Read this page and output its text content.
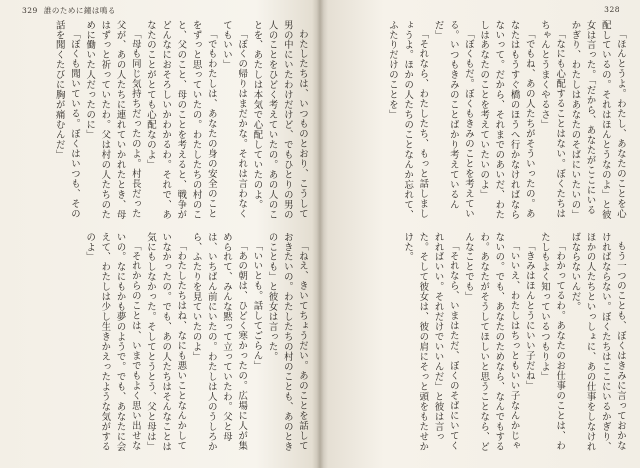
329 誰のために鐘は鳴る

わたしたちは、いつものとおり、こうして男の中にいたわけだけど、でもひとりの男の人のことをひどく考えていたの。あの人のことを、あたしは本気で心配していたのよ。

「ぼくの帰りはまだかな。それは言わなくてもいい」

「でもわたしは、あなたの身の安全のことをずっと思っていたの。わたしたちの村のこと、父のこと、母のことを考えると、戦争がどんなにおそろしいかわかるわ。それで、あなたのことがとても心配なのよ」

「母も同じ気持ちだったのよ。村長だった父が、あの人たちに連れていかれたとき、母はずっと祈っていたわ。父は村の人たちのために働いた人だったのに」

「ぼくも聞いている。ぼくはいつも、その話を聞くたびに胸が痛むんだ」

「ねえ、きいてちょうだい。あのことを話しておきたいの。わたしたちの村のことも、あのときのことも」と彼女は言った。

「いいとも。話してごらん」

「あの朝は、ひどく寒かったの。広場に人が集められて、みんな黙って立っていたわ。父と母は、いちばん前にいたの。わたしは人のうしろから、ふたりを見ていたのよ」

「わたしたちはね、なにも悪いことなんかしていなかったの。でも、あの人たちはそんなことは気にもしなかった。そしてとうとう、父と母は」

「それからのことは、いまでもよく思い出せないの。なにもかも夢のようで。でも、あなたに会えて、わたしは少し生きかえったような気がするのよ」

328

「ほんとうよ。わたし、あなたのことを心配しているの。それはほんとうなのよ」と彼女は言った。「だから、あなたがここにいるかぎり、わたしはあなたのそばにいたいの」

「なにも心配することはない。ぼくたちはちゃんとうまくやるさ」

「でもね、あの人たちがそういったの。あなたはもうすぐ橋のほうへ行かなければならないって。だから、それまでのあいだ、わたしはあなたのことを考えていたいのよ」

「ぼくもだ。ぼくもきみのことを考えている。いつもきみのことばかり考えているんだ」

「それなら、わたしたち、もっと話しましょうよ。ほかの人たちのことなんか忘れて、ふたりだけのことを」

もう一つのことも、ぼくはきみに言っておかなければならない。ぼくたちはここにいるかぎり、ほかの人たちといっしょに、あの仕事をしなければならないんだ。

「わかってるわ。あなたのお仕事のことは、わたしもよく知っているつもりよ」

「きみはほんとうにいい子だね」

「いいえ、わたしはちっともいい子なんかじゃないの。でも、あなたのためなら、なんでもするわ。あなたがそうしてほしいと思うことなら、どんなことでも」

「それなら、いまはただ、ぼくのそばにいてくれればいい。それだけでいいんだ」と彼は言った。そして彼女は、彼の肩にそっと頭をもたせかけた。
